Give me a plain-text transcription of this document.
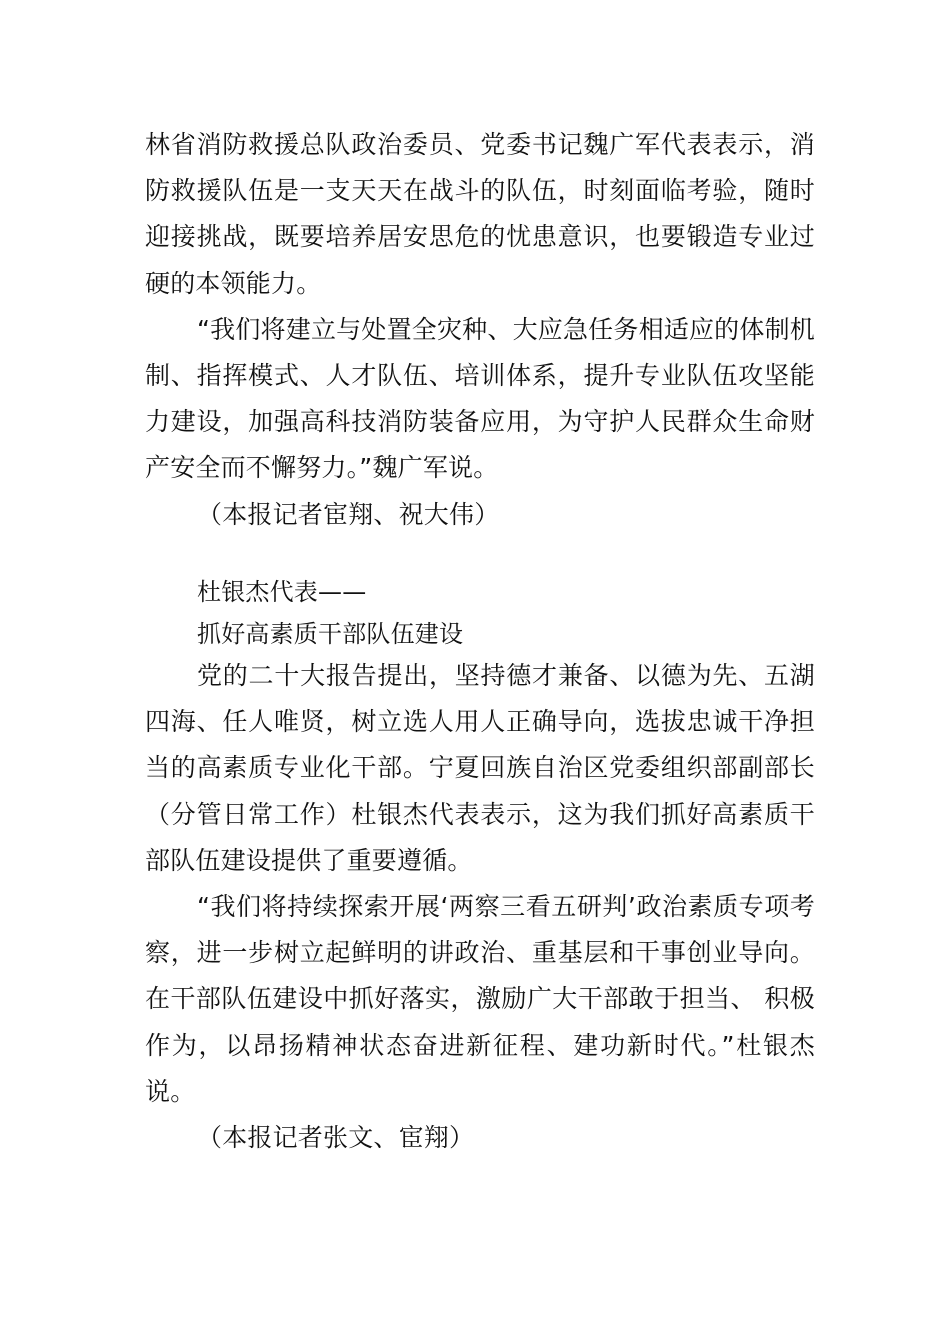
林省消防救援总队政治委员、党委书记魏广军代表表示，消防救援队伍是一支天天在战斗的队伍，时刻面临考验，随时迎接挑战，既要培养居安思危的忧患意识，也要锻造专业过硬的本领能力。

“我们将建立与处置全灾种、大应急任务相适应的体制机制、指挥模式、人才队伍、培训体系，提升专业队伍攻坚能力建设，加强高科技消防装备应用，为守护人民群众生命财产安全而不懈努力。”魏广军说。

（本报记者宦翔、祝大伟）

杜银杰代表——

抓好高素质干部队伍建设

党的二十大报告提出，坚持德才兼备、以德为先、五湖四海、任人唯贤，树立选人用人正确导向，选拔忠诚干净担当的高素质专业化干部。宁夏回族自治区党委组织部副部长（分管日常工作）杜银杰代表表示，这为我们抓好高素质干部队伍建设提供了重要遵循。

“我们将持续探索开展‘两察三看五研判’政治素质专项考察，进一步树立起鲜明的讲政治、重基层和干事创业导向。在干部队伍建设中抓好落实，激励广大干部敢于担当、 积极作为，以昂扬精神状态奋进新征程、建功新时代。”杜银杰说。

（本报记者张文、宦翔）
